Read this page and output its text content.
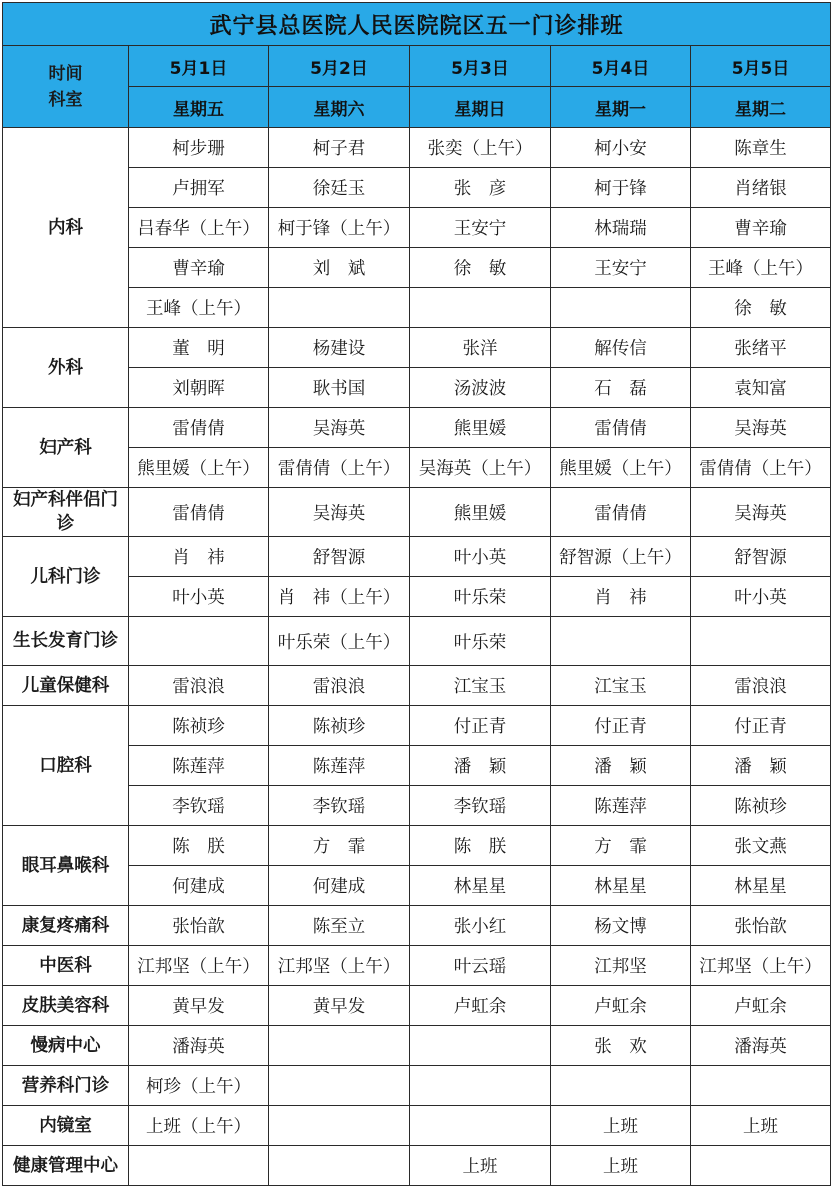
武宁县总医院人民医院院区五一门诊排班					

时间
科室	5月1日	5月2日	5月3日	5月4日	5月5日
	星期五	星期六	星期日	星期一	星期二
内科	柯步珊	柯子君	张奕（上午）	柯小安	陈章生
	卢拥军	徐廷玉	张　彦	柯于锋	肖绪银
	吕春华（上午）	柯于锋（上午）	王安宁	林瑞瑞	曹辛瑜
	曹辛瑜	刘　斌	徐　敏	王安宁	王峰（上午）
	王峰（上午）				徐　敏
外科	董　明	杨建设	张洋	解传信	张绪平
	刘朝晖	耿书国	汤波波	石　磊	袁知富
妇产科	雷倩倩	吴海英	熊里媛	雷倩倩	吴海英
	熊里媛（上午）	雷倩倩（上午）	吴海英（上午）	熊里媛（上午）	雷倩倩（上午）
妇产科伴侣门诊	雷倩倩	吴海英	熊里媛	雷倩倩	吴海英
儿科门诊	肖　祎	舒智源	叶小英	舒智源（上午）	舒智源
	叶小英	肖　祎（上午）	叶乐荣	肖　祎	叶小英
生长发育门诊		叶乐荣（上午）	叶乐荣		
儿童保健科	雷浪浪	雷浪浪	江宝玉	江宝玉	雷浪浪
口腔科	陈祯珍	陈祯珍	付正青	付正青	付正青
	陈莲萍	陈莲萍	潘　颖	潘　颖	潘　颖
	李钦瑶	李钦瑶	李钦瑶	陈莲萍	陈祯珍
眼耳鼻喉科	陈　朕	方　霏	陈　朕	方　霏	张文燕
	何建成	何建成	林星星	林星星	林星星
康复疼痛科	张怡歆	陈至立	张小红	杨文博	张怡歆
中医科	江邦坚（上午）	江邦坚（上午）	叶云瑶	江邦坚	江邦坚（上午）
皮肤美容科	黄早发	黄早发	卢虹余	卢虹余	卢虹余
慢病中心	潘海英			张　欢	潘海英
营养科门诊	柯珍（上午）				
内镜室	上班（上午）			上班	上班
健康管理中心			上班	上班	
